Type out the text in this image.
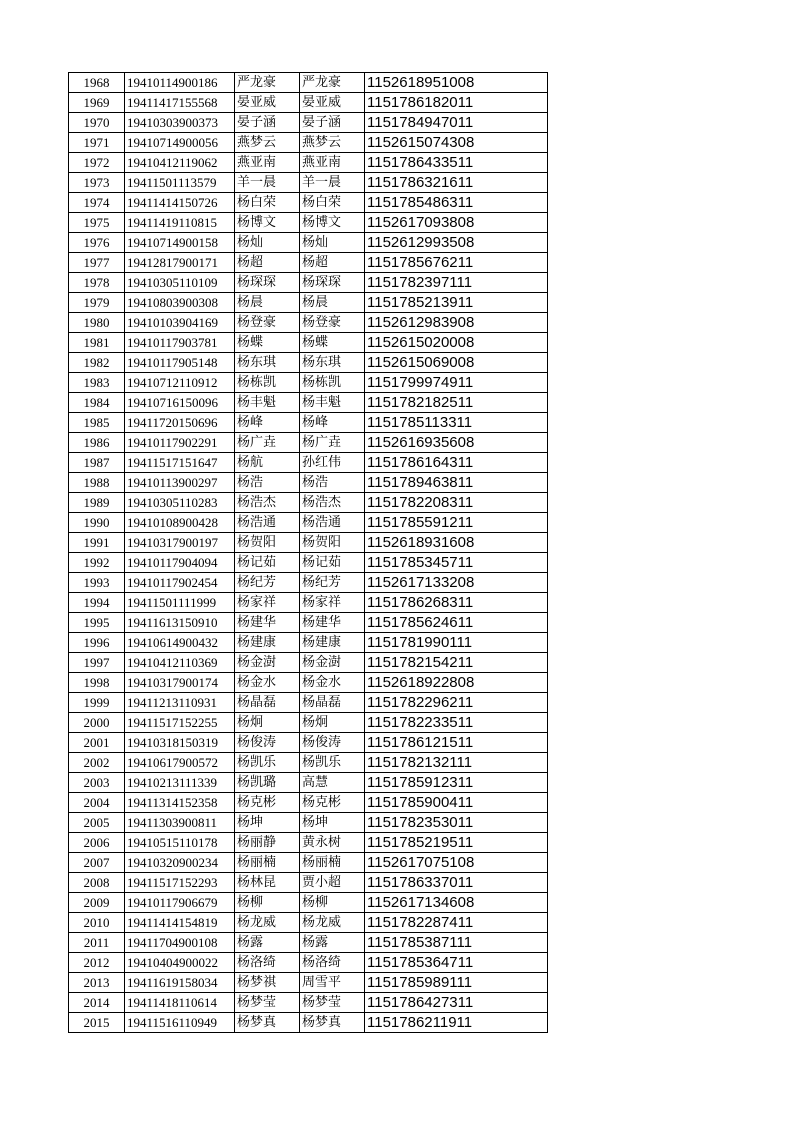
1968	19410114900186	严龙豪	严龙豪	1152618951008
1969	19411417155568	晏亚威	晏亚威	1151786182011
1970	19410303900373	晏子涵	晏子涵	1151784947011
1971	19410714900056	燕梦云	燕梦云	1152615074308
1972	19410412119062	燕亚南	燕亚南	1151786433511
1973	19411501113579	羊一晨	羊一晨	1151786321611
1974	19411414150726	杨白荣	杨白荣	1151785486311
1975	19411419110815	杨博文	杨博文	1152617093808
1976	19410714900158	杨灿	杨灿	1152612993508
1977	19412817900171	杨超	杨超	1151785676211
1978	19410305110109	杨琛琛	杨琛琛	1151782397111
1979	19410803900308	杨晨	杨晨	1151785213911
1980	19410103904169	杨登豪	杨登豪	1152612983908
1981	19410117903781	杨蝶	杨蝶	1152615020008
1982	19410117905148	杨东琪	杨东琪	1152615069008
1983	19410712110912	杨栋凯	杨栋凯	1151799974911
1984	19410716150096	杨丰魁	杨丰魁	1151782182511
1985	19411720150696	杨峰	杨峰	1151785113311
1986	19410117902291	杨广垚	杨广垚	1152616935608
1987	19411517151647	杨航	孙红伟	1151786164311
1988	19410113900297	杨浩	杨浩	1151789463811
1989	19410305110283	杨浩杰	杨浩杰	1151782208311
1990	19410108900428	杨浩通	杨浩通	1151785591211
1991	19410317900197	杨贺阳	杨贺阳	1152618931608
1992	19410117904094	杨记茹	杨记茹	1151785345711
1993	19410117902454	杨纪芳	杨纪芳	1152617133208
1994	19411501111999	杨家祥	杨家祥	1151786268311
1995	19411613150910	杨建华	杨建华	1151785624611
1996	19410614900432	杨建康	杨建康	1151781990111
1997	19410412110369	杨金澍	杨金澍	1151782154211
1998	19410317900174	杨金水	杨金水	1152618922808
1999	19411213110931	杨晶磊	杨晶磊	1151782296211
2000	19411517152255	杨炯	杨炯	1151782233511
2001	19410318150319	杨俊涛	杨俊涛	1151786121511
2002	19410617900572	杨凯乐	杨凯乐	1151782132111
2003	19410213111339	杨凯璐	高慧	1151785912311
2004	19411314152358	杨克彬	杨克彬	1151785900411
2005	19411303900811	杨坤	杨坤	1151782353011
2006	19410515110178	杨丽静	黄永树	1151785219511
2007	19410320900234	杨丽楠	杨丽楠	1152617075108
2008	19411517152293	杨林昆	贾小超	1151786337011
2009	19410117906679	杨柳	杨柳	1152617134608
2010	19411414154819	杨龙威	杨龙威	1151782287411
2011	19411704900108	杨露	杨露	1151785387111
2012	19410404900022	杨洛绮	杨洛绮	1151785364711
2013	19411619158034	杨梦祺	周雪平	1151785989111
2014	19411418110614	杨梦莹	杨梦莹	1151786427311
2015	19411516110949	杨梦真	杨梦真	1151786211911
